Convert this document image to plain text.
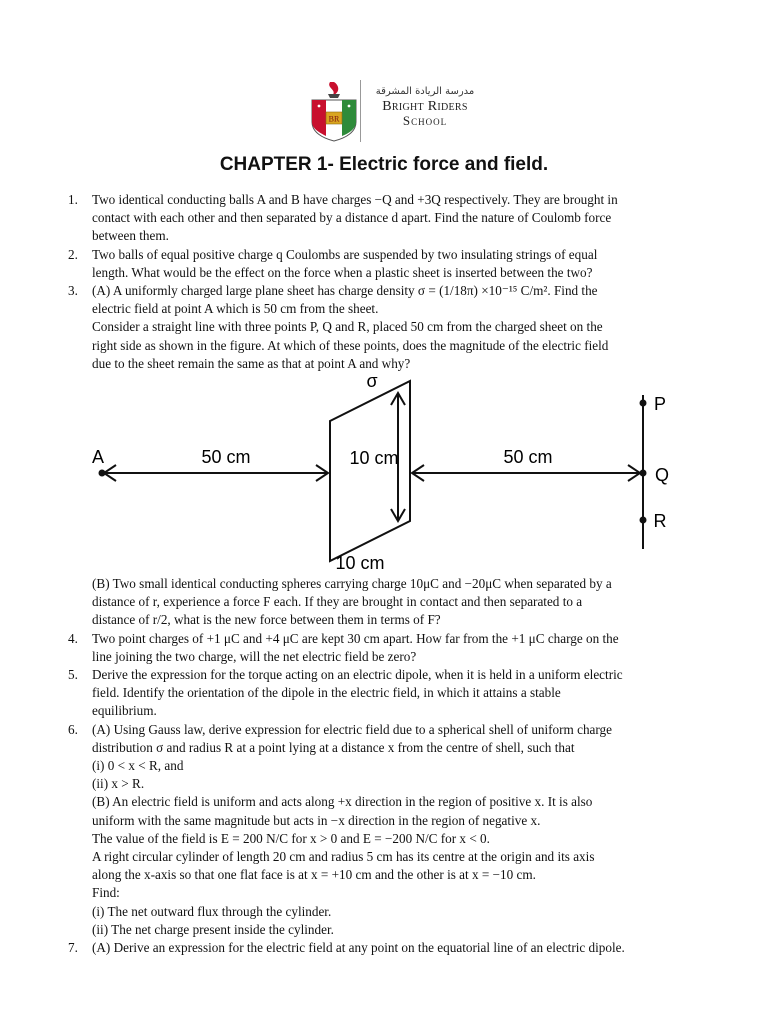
BR
مدرسة الريادة المشرقة
Bright Riders
School
CHAPTER 1- Electric force and field.
1. Two identical conducting balls A and B have charges −Q and +3Q respectively. They are brought in
contact with each other and then separated by a distance d apart. Find the nature of Coulomb force
between them.
2. Two balls of equal positive charge q Coulombs are suspended by two insulating strings of equal
length. What would be the effect on the force when a plastic sheet is inserted between the two?
3. (A) A uniformly charged large plane sheet has charge density σ = (1/18π) ×10⁻¹⁵ C/m². Find the
electric field at point A which is 50 cm from the sheet.
Consider a straight line with three points P, Q and R, placed 50 cm from the charged sheet on the
right side as shown in the figure. At which of these points, does the magnitude of the electric field
due to the sheet remain the same as that at point A and why?
σ
10 cm
10 cm
A	50 cm	50 cm
P
Q
R
(B) Two small identical conducting spheres carrying charge 10μC and −20μC when separated by a
distance of r, experience a force F each. If they are brought in contact and then separated to a
distance of r/2, what is the new force between them in terms of F?
4. Two point charges of +1 μC and +4 μC are kept 30 cm apart. How far from the +1 μC charge on the
line joining the two charge, will the net electric field be zero?
5. Derive the expression for the torque acting on an electric dipole, when it is held in a uniform electric
field. Identify the orientation of the dipole in the electric field, in which it attains a stable
equilibrium.
6. (A) Using Gauss law, derive expression for electric field due to a spherical shell of uniform charge
distribution σ and radius R at a point lying at a distance x from the centre of shell, such that
(i) 0 < x < R, and
(ii) x > R.
(B) An electric field is uniform and acts along +x direction in the region of positive x. It is also
uniform with the same magnitude but acts in −x direction in the region of negative x.
The value of the field is E = 200 N/C for x > 0 and E = −200 N/C for x < 0.
A right circular cylinder of length 20 cm and radius 5 cm has its centre at the origin and its axis
along the x-axis so that one flat face is at x = +10 cm and the other is at x = −10 cm.
Find:
(i) The net outward flux through the cylinder.
(ii) The net charge present inside the cylinder.
7. (A) Derive an expression for the electric field at any point on the equatorial line of an electric dipole.
